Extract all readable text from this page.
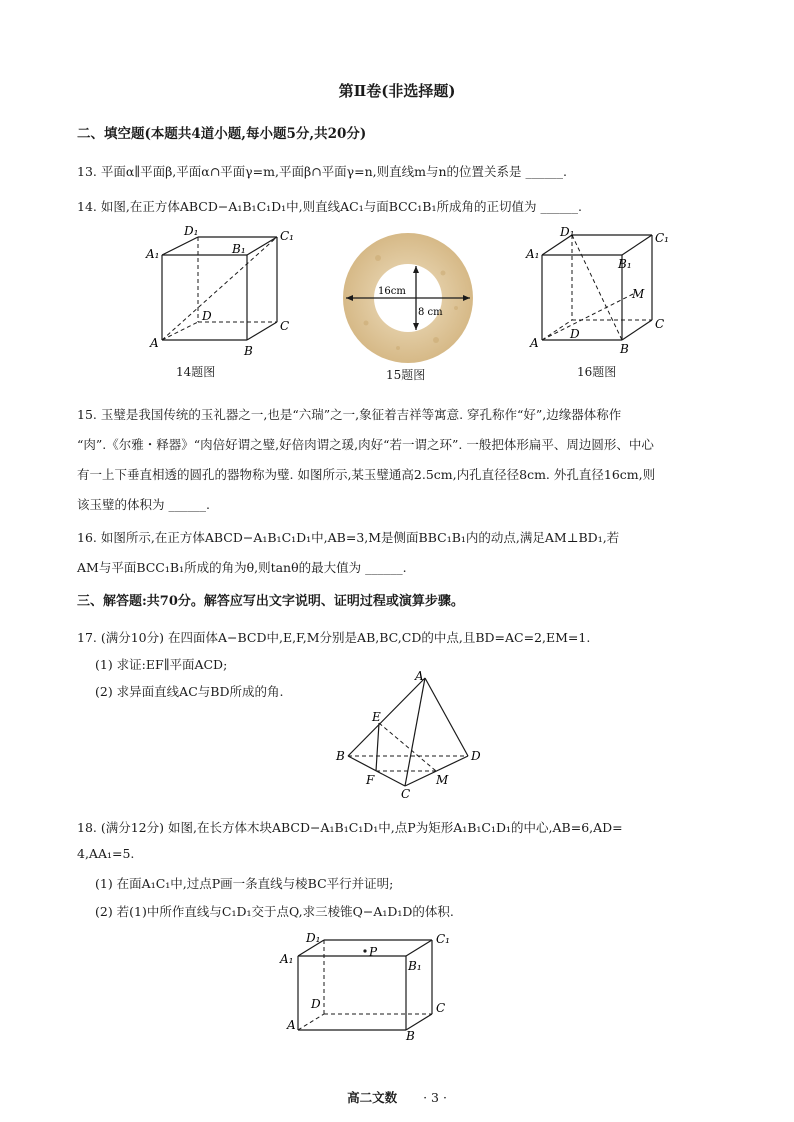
第Ⅱ卷(非选择题)
二、填空题(本题共4道小题,每小题5分,共20分)
13. 平面α∥平面β,平面α∩平面γ=m,平面β∩平面γ=n,则直线m与n的位置关系是 ______.
14. 如图,在正方体ABCD−A₁B₁C₁D₁中,则直线AC₁与面BCC₁B₁所成角的正切值为 ______.
A
B
C
D
A₁	B₁
C₁
D₁
14题图
16cm
8 cm
15题图
A	B
C
D
A₁
B₁
C₁
D₁
M
16题图
15. 玉璧是我国传统的玉礼器之一,也是“六瑞”之一,象征着吉祥等寓意. 穿孔称作“好”,边缘器体称作
“肉”.《尔雅・释器》“肉倍好谓之璧,好倍肉谓之瑗,肉好“若一谓之环”. 一般把体形扁平、周边圆形、中心
有一上下垂直相透的圆孔的器物称为璧. 如图所示,某玉璧通高2.5cm,内孔直径径8cm. 外孔直径16cm,则
该玉璧的体积为 ______.
16. 如图所示,在正方体ABCD−A₁B₁C₁D₁中,AB=3,M是侧面BBC₁B₁内的动点,满足AM⊥BD₁,若
AM与平面BCC₁B₁所成的角为θ,则tanθ的最大值为 ______.
三、解答题:共70分。解答应写出文字说明、证明过程或演算步骤。
17. (满分10分) 在四面体A−BCD中,E,F,M分别是AB,BC,CD的中点,且BD=AC=2,EM=1.
(1) 求证:EF∥平面ACD;
(2) 求异面直线AC与BD所成的角.
A
B
C
D
E
F	M
18. (满分12分) 如图,在长方体木块ABCD−A₁B₁C₁D₁中,点P为矩形A₁B₁C₁D₁的中心,AB=6,AD=
4,AA₁=5.
(1) 在面A₁C₁中,过点P画一条直线与棱BC平行并证明;
(2) 若(1)中所作直线与C₁D₁交于点Q,求三棱锥Q−A₁D₁D的体积.
A
B
C
D
A₁	B₁
C₁
D₁
P
高二文数 · 3 ·
